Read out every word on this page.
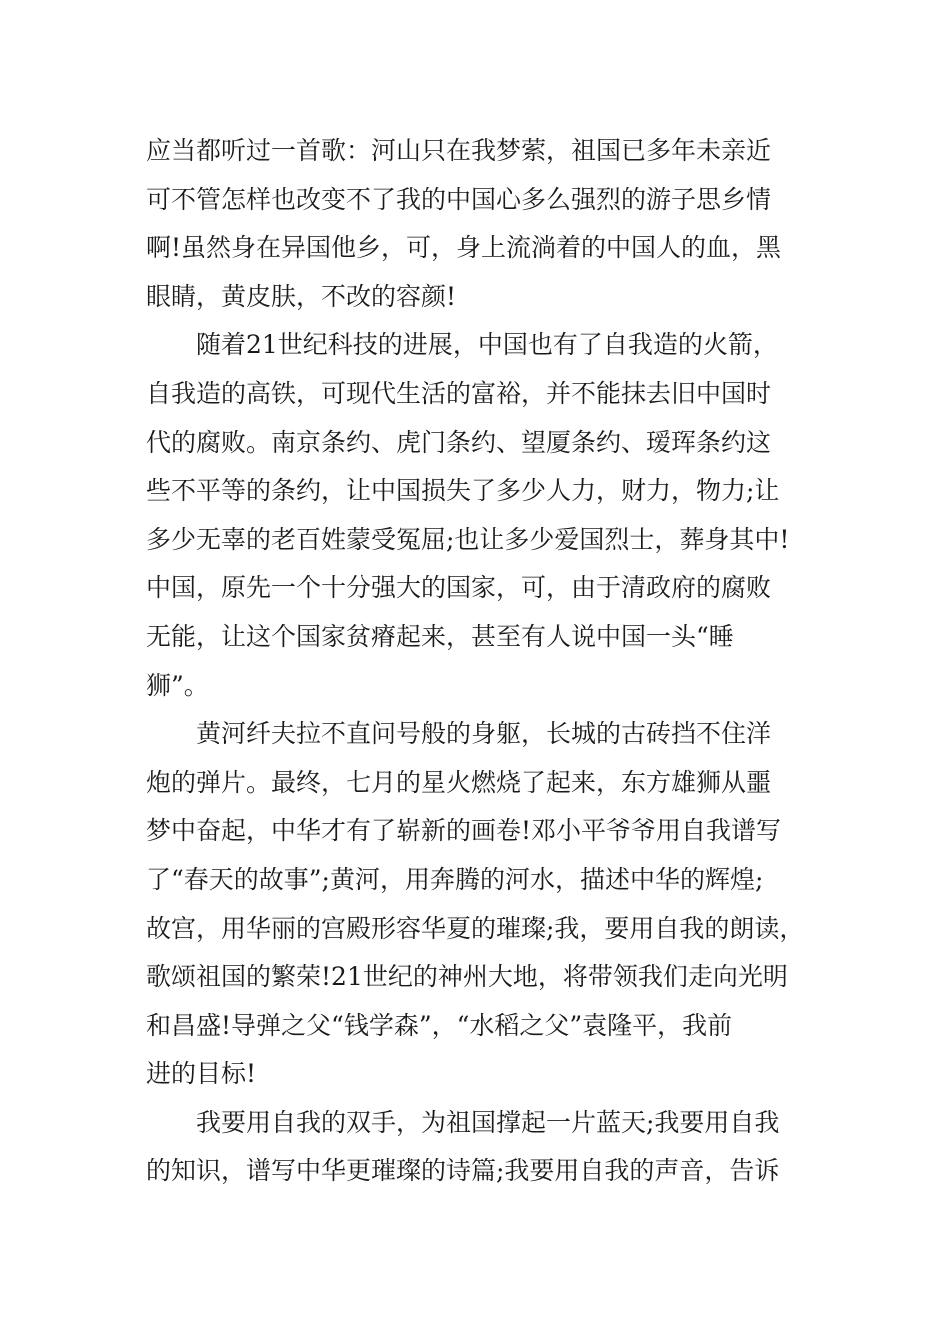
应当都听过一首歌：河山只在我梦萦，祖国已多年未亲近
可不管怎样也改变不了我的中国心多么强烈的游子思乡情
啊!虽然身在异国他乡，可，身上流淌着的中国人的血，黑
眼睛，黄皮肤，不改的容颜!
　　随着21世纪科技的进展，中国也有了自我造的火箭，
自我造的高铁，可现代生活的富裕，并不能抹去旧中国时
代的腐败。南京条约、虎门条约、望厦条约、瑷珲条约这
些不平等的条约，让中国损失了多少人力，财力，物力;让
多少无辜的老百姓蒙受冤屈;也让多少爱国烈士，葬身其中!
中国，原先一个十分强大的国家，可，由于清政府的腐败
无能，让这个国家贫瘠起来，甚至有人说中国一头“睡
狮”。
　　黄河纤夫拉不直问号般的身躯，长城的古砖挡不住洋
炮的弹片。最终，七月的星火燃烧了起来，东方雄狮从噩
梦中奋起，中华才有了崭新的画卷!邓小平爷爷用自我谱写
了“春天的故事”;黄河，用奔腾的河水，描述中华的辉煌;
故宫，用华丽的宫殿形容华夏的璀璨;我，要用自我的朗读，
歌颂祖国的繁荣!21世纪的神州大地，将带领我们走向光明
和昌盛!导弹之父“钱学森”，“水稻之父”袁隆平，我前
进的目标!
　　我要用自我的双手，为祖国撑起一片蓝天;我要用自我
的知识，谱写中华更璀璨的诗篇;我要用自我的声音，告诉
